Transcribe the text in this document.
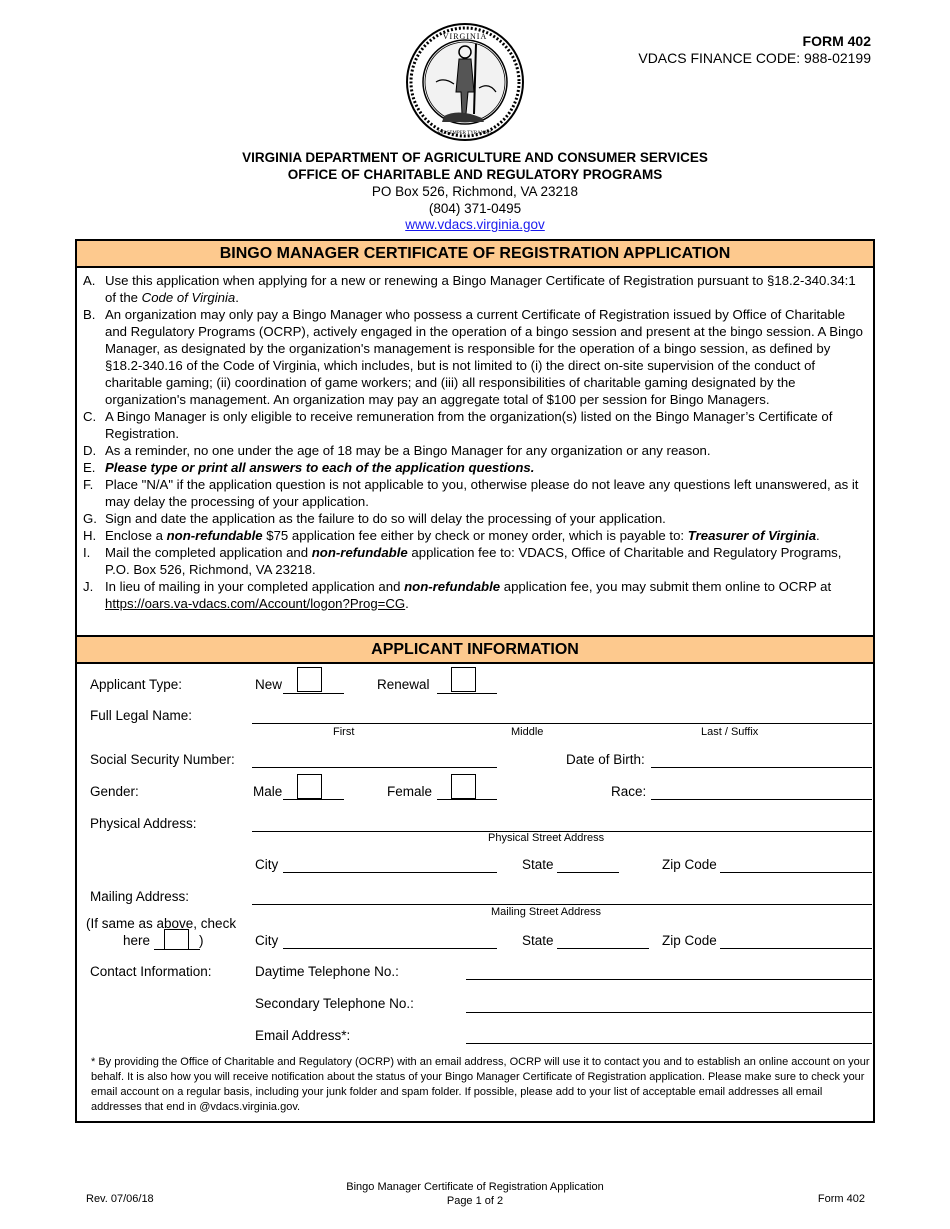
VIRGINIA
SIC SEMPER TYRANNIS
FORM 402
VDACS FINANCE CODE: 988-02199
VIRGINIA DEPARTMENT OF AGRICULTURE AND CONSUMER SERVICES
OFFICE OF CHARITABLE AND REGULATORY PROGRAMS
PO Box 526, Richmond, VA 23218
(804) 371-0495
www.vdacs.virginia.gov
BINGO MANAGER CERTIFICATE OF REGISTRATION APPLICATION
A. Use this application when applying for a new or renewing a Bingo Manager Certificate of Registration pursuant to §18.2-340.34:1 of the Code of Virginia.
B. An organization may only pay a Bingo Manager who possess a current Certificate of Registration issued by Office of Charitable and Regulatory Programs (OCRP), actively engaged in the operation of a bingo session and present at the bingo session. A Bingo Manager, as designated by the organization's management is responsible for the operation of a bingo session, as defined by §18.2-340.16 of the Code of Virginia, which includes, but is not limited to (i) the direct on-site supervision of the conduct of charitable gaming; (ii) coordination of game workers; and (iii) all responsibilities of charitable gaming designated by the organization's management. An organization may pay an aggregate total of $100 per session for Bingo Managers.
C. A Bingo Manager is only eligible to receive remuneration from the organization(s) listed on the Bingo Manager’s Certificate of Registration.
D. As a reminder, no one under the age of 18 may be a Bingo Manager for any organization or any reason.
E. Please type or print all answers to each of the application questions.
F. Place "N/A" if the application question is not applicable to you, otherwise please do not leave any questions left unanswered, as it may delay the processing of your application.
G. Sign and date the application as the failure to do so will delay the processing of your application.
H. Enclose a non-refundable $75 application fee either by check or money order, which is payable to: Treasurer of Virginia.
I.	Mail the completed application and non-refundable application fee to: VDACS, Office of Charitable and Regulatory Programs, P.O. Box 526, Richmond, VA 23218.
J. In lieu of mailing in your completed application and non-refundable application fee, you may submit them online to OCRP at https://oars.va-vdacs.com/Account/logon?Prog=CG.
APPLICANT INFORMATION
Applicant Type:	New	Renewal
Full Legal Name:
First	Middle	Last / Suffix
Social Security Number:	Date of Birth:
Gender:	Male	Female	Race:
Physical Address:
Physical Street Address
City	State	Zip Code
Mailing Address:
Mailing Street Address
(If same as above, check
here	)	City	State	Zip Code
Contact Information:	Daytime Telephone No.:
Secondary Telephone No.:
Email Address*:
* By providing the Office of Charitable and Regulatory (OCRP) with an email address, OCRP will use it to contact you and to establish an online account on your behalf. It is also how you will receive notification about the status of your Bingo Manager Certificate of Registration application. Please make sure to check your email account on a regular basis, including your junk folder and spam folder. If possible, please add to your list of acceptable email addresses all email addresses that end in @vdacs.virginia.gov.
Rev. 07/06/18
Bingo Manager Certificate of Registration Application
Page 1 of 2	Form 402
